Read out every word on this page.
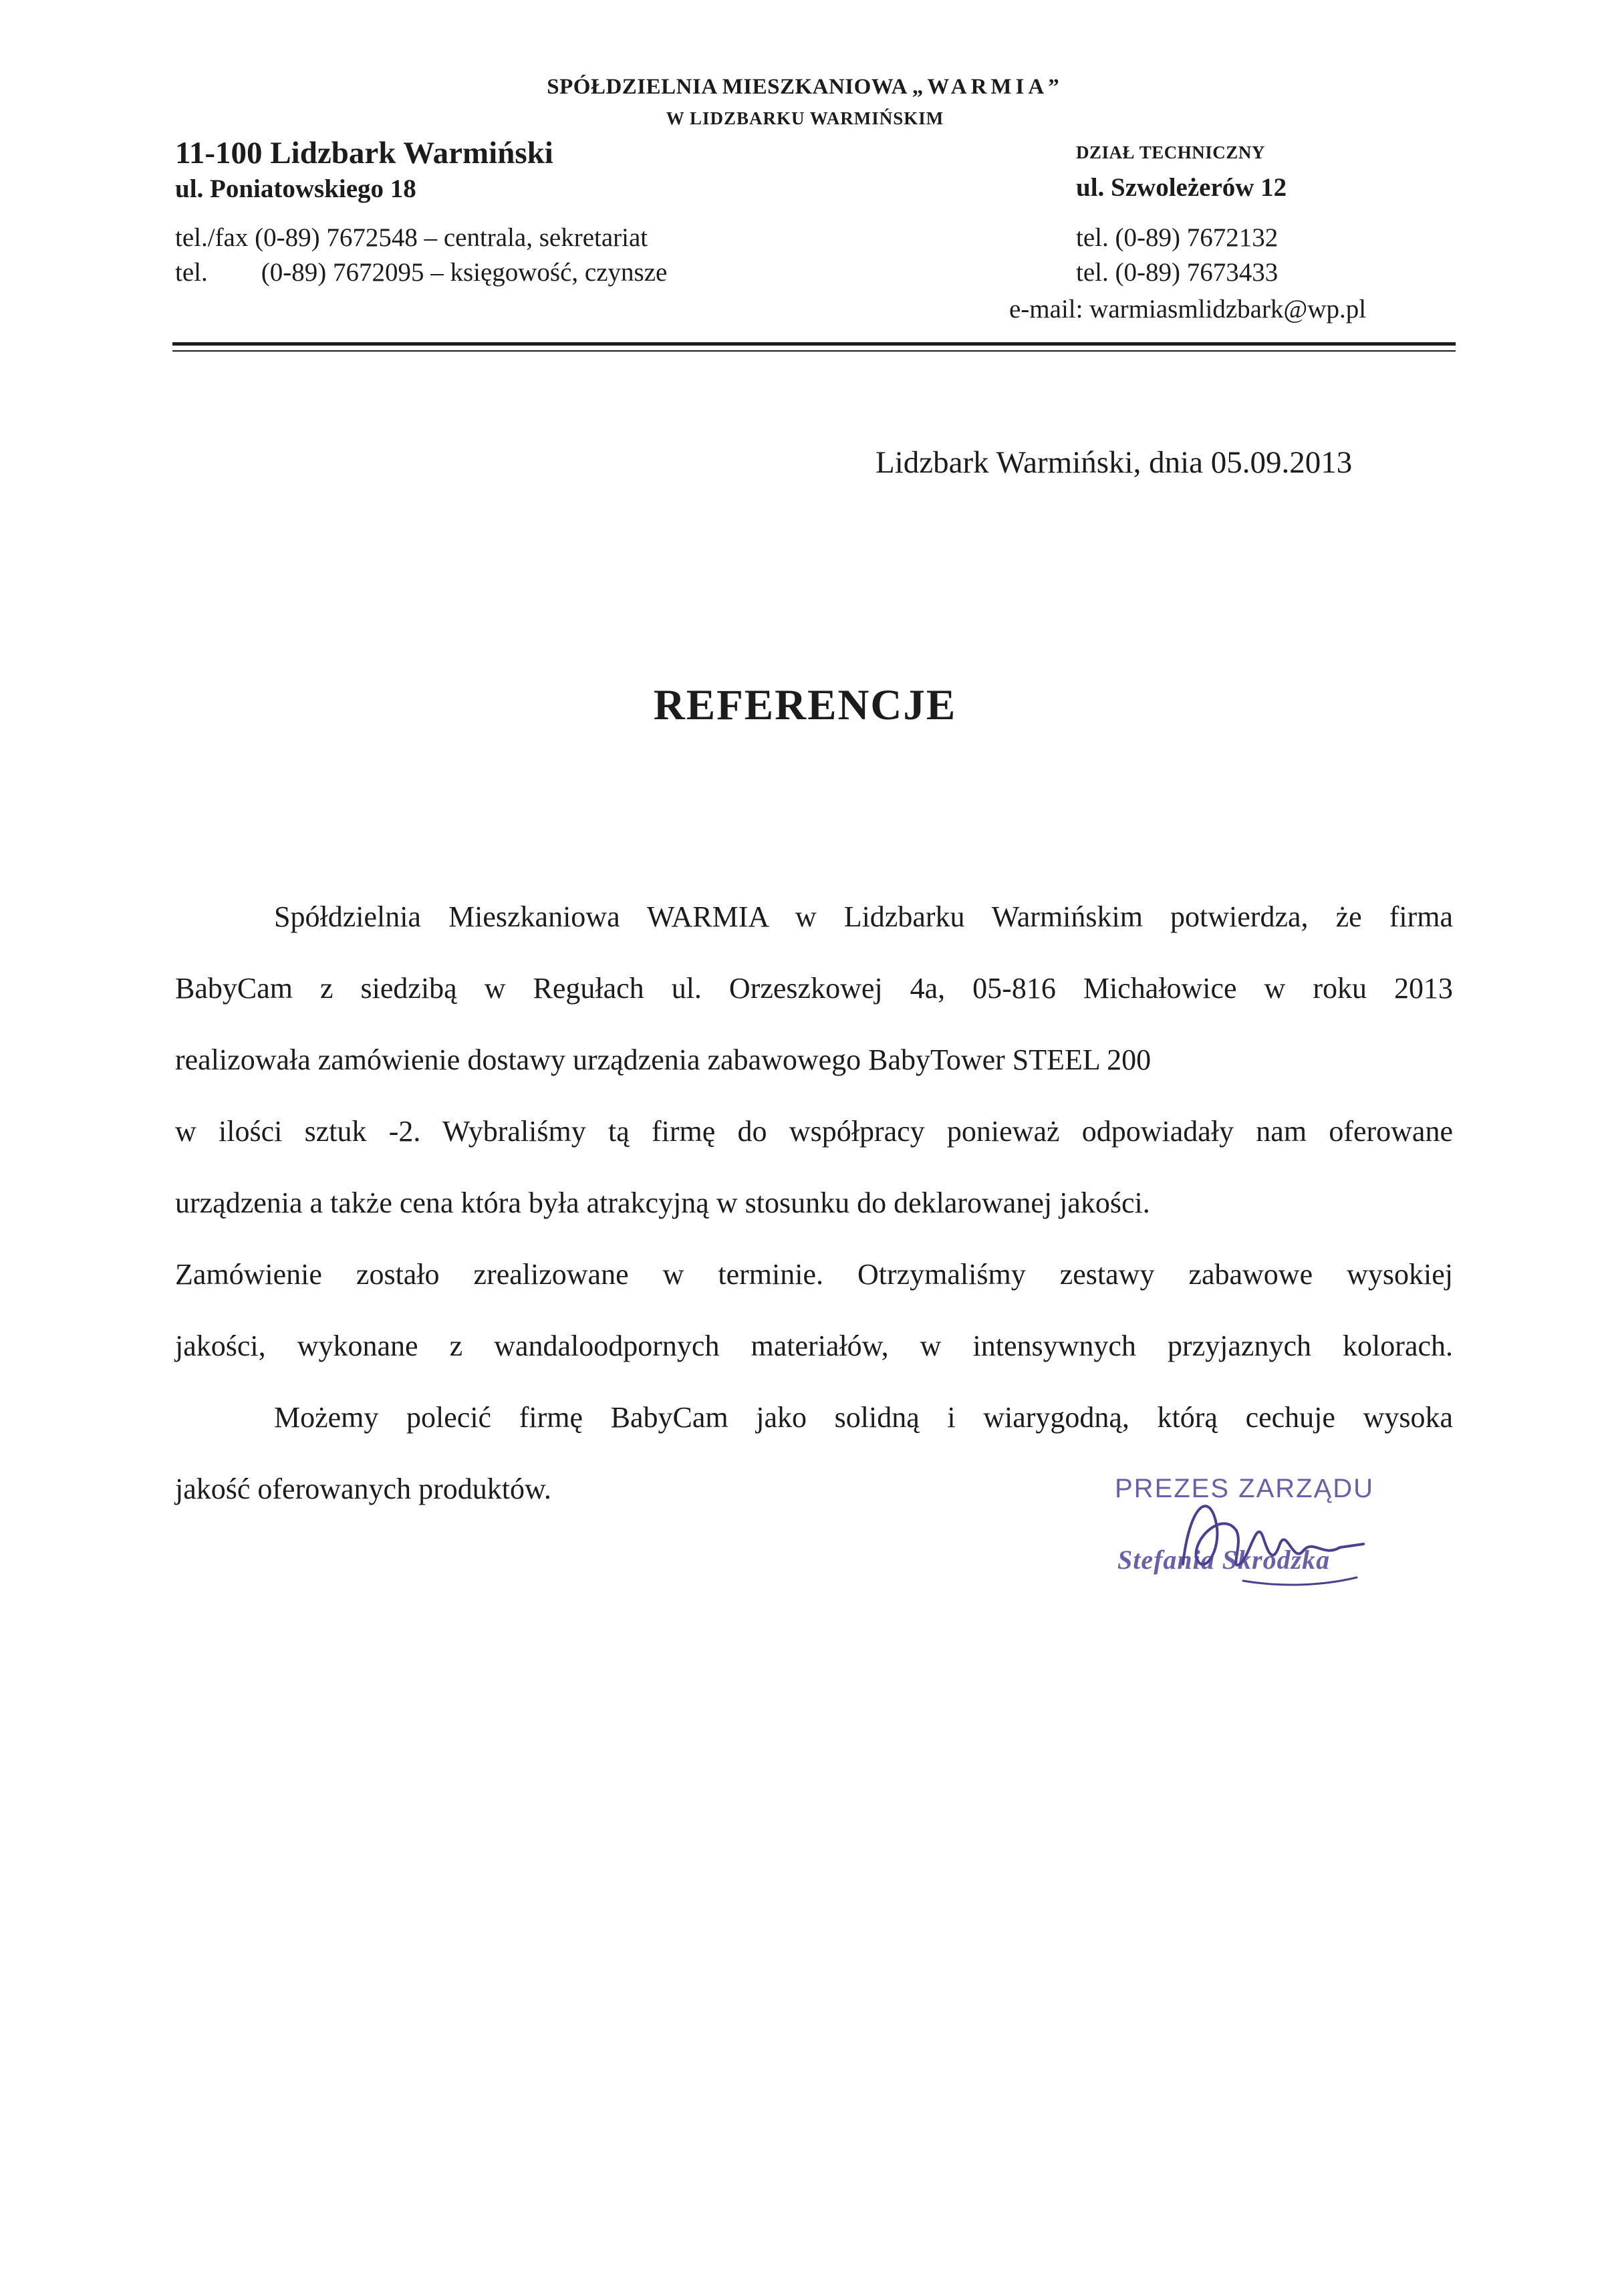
SPÓŁDZIELNIA MIESZKANIOWA „WARMIA”
W LIDZBARKU WARMIŃSKIM
11-100 Lidzbark Warmiński
ul. Poniatowskiego 18
tel./fax (0-89) 7672548 – centrala, sekretariat
tel. (0-89) 7672095 – księgowość, czynsze
DZIAŁ TECHNICZNY
ul. Szwoleżerów 12
tel. (0-89) 7672132
tel. (0-89) 7673433
e-mail: warmiasmlidzbark@wp.pl
Lidzbark Warmiński, dnia 05.09.2013
REFERENCJE
Spółdzielnia Mieszkaniowa WARMIA w Lidzbarku Warmińskim potwierdza, że firma
BabyCam z siedzibą w Regułach ul. Orzeszkowej 4a, 05-816 Michałowice w roku 2013
realizowała zamówienie dostawy urządzenia zabawowego BabyTower STEEL 200
w ilości sztuk -2. Wybraliśmy tą firmę do współpracy ponieważ odpowiadały nam oferowane
urządzenia a także cena która była atrakcyjną w stosunku do deklarowanej jakości.
Zamówienie zostało zrealizowane w terminie. Otrzymaliśmy zestawy zabawowe wysokiej
jakości, wykonane z wandaloodpornych materiałów, w intensywnych przyjaznych kolorach.
Możemy polecić firmę BabyCam jako solidną i wiarygodną, którą cechuje wysoka
jakość oferowanych produktów.	PREZES ZARZĄDU
Stefania Skrodzka
